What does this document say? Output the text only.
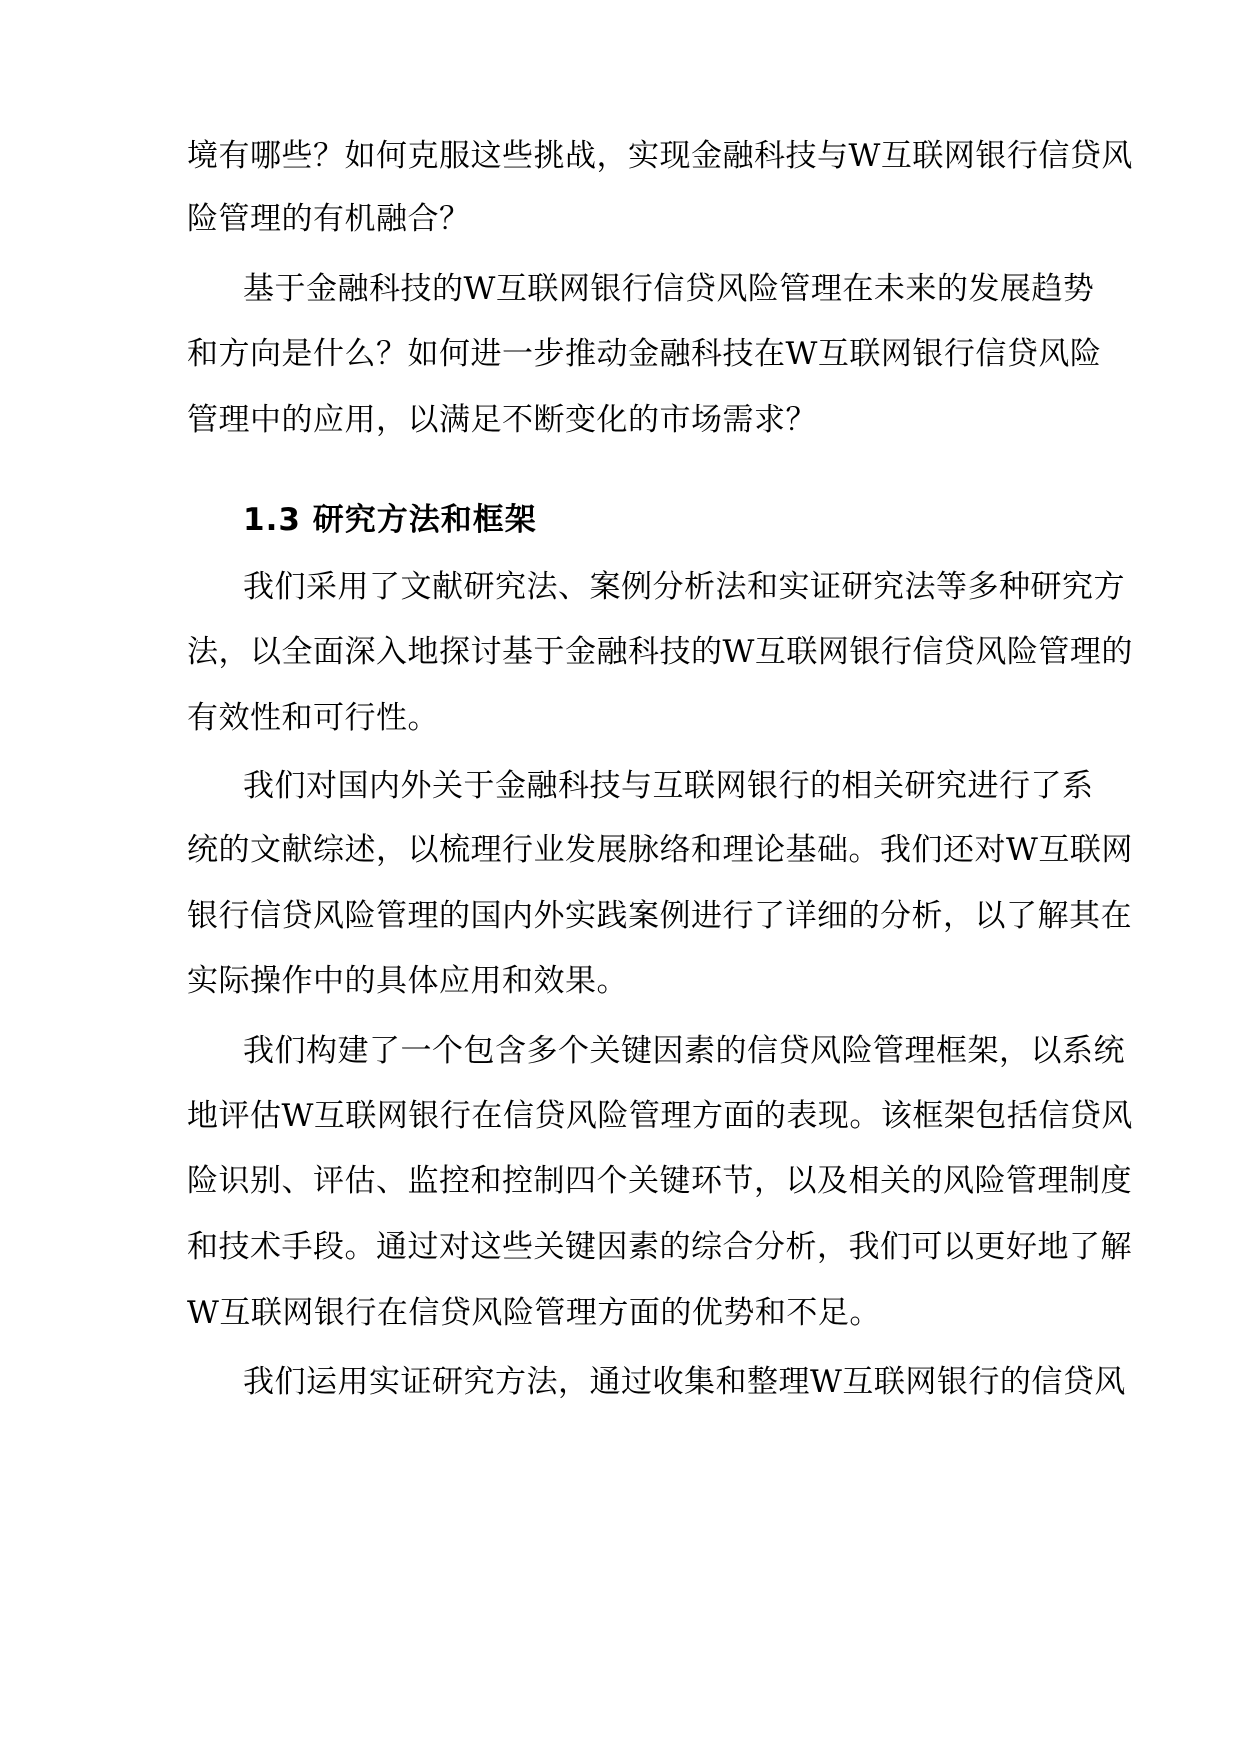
境有哪些？如何克服这些挑战，实现金融科技与W互联网银行信贷风
险管理的有机融合？
基于金融科技的W互联网银行信贷风险管理在未来的发展趋势
和方向是什么？如何进一步推动金融科技在W互联网银行信贷风险
管理中的应用，以满足不断变化的市场需求？
1.3 研究方法和框架
我们采用了文献研究法、案例分析法和实证研究法等多种研究方
法，以全面深入地探讨基于金融科技的W互联网银行信贷风险管理的
有效性和可行性。
我们对国内外关于金融科技与互联网银行的相关研究进行了系
统的文献综述，以梳理行业发展脉络和理论基础。我们还对W互联网
银行信贷风险管理的国内外实践案例进行了详细的分析，以了解其在
实际操作中的具体应用和效果。
我们构建了一个包含多个关键因素的信贷风险管理框架，以系统
地评估W互联网银行在信贷风险管理方面的表现。该框架包括信贷风
险识别、评估、监控和控制四个关键环节，以及相关的风险管理制度
和技术手段。通过对这些关键因素的综合分析，我们可以更好地了解
W互联网银行在信贷风险管理方面的优势和不足。
我们运用实证研究方法，通过收集和整理W互联网银行的信贷风
